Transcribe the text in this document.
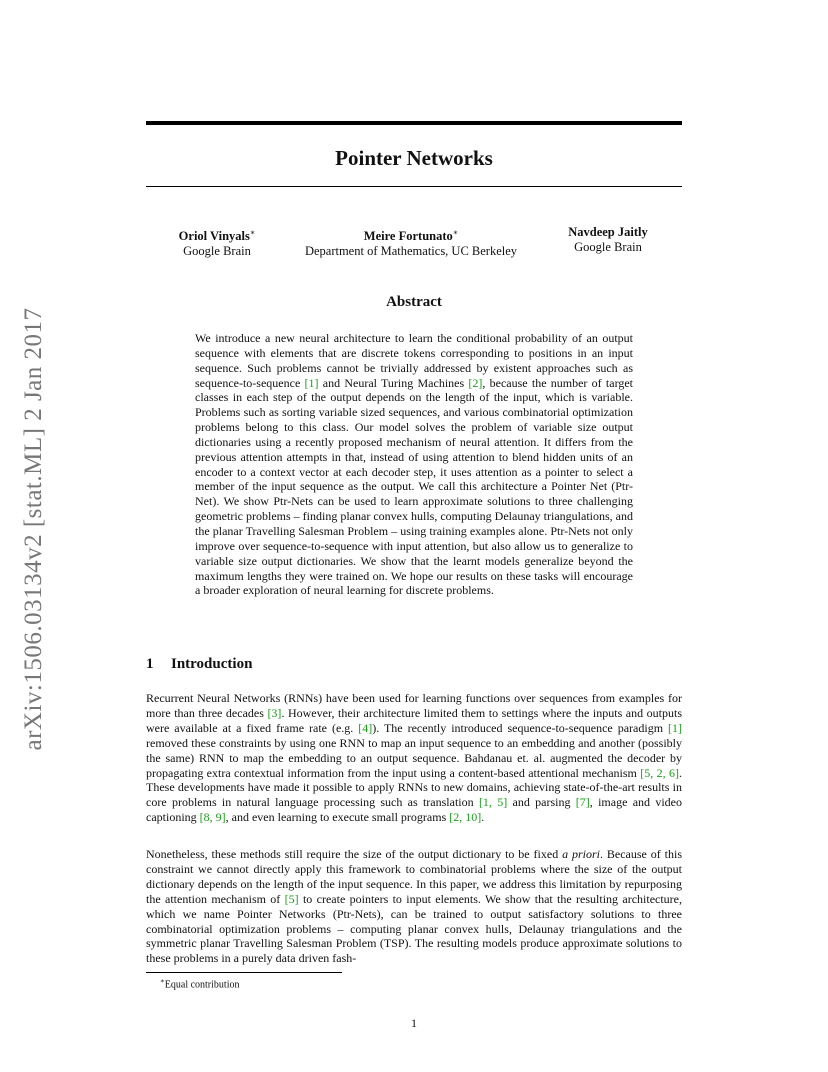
arXiv:1506.03134v2 [stat.ML] 2 Jan 2017
Pointer Networks
Oriol Vinyals∗
Google Brain
Meire Fortunato∗
Department of Mathematics, UC Berkeley
Navdeep Jaitly
Google Brain
Abstract
We introduce a new neural architecture to learn the conditional probability of an output sequence with elements that are discrete tokens corresponding to positions in an input sequence. Such problems cannot be trivially addressed by existent approaches such as sequence-to-sequence [1] and Neural Turing Machines [2], because the number of target classes in each step of the output depends on the length of the input, which is variable. Problems such as sorting variable sized sequences, and various combinatorial optimization problems belong to this class. Our model solves the problem of variable size output dictionaries using a recently proposed mechanism of neural attention. It differs from the previous attention attempts in that, instead of using attention to blend hidden units of an encoder to a context vector at each decoder step, it uses attention as a pointer to select a member of the input sequence as the output. We call this architecture a Pointer Net (Ptr-Net). We show Ptr-Nets can be used to learn approximate solutions to three challenging geometric problems – finding planar convex hulls, computing Delaunay triangulations, and the planar Travelling Salesman Problem – using training examples alone. Ptr-Nets not only improve over sequence-to-sequence with input attention, but also allow us to generalize to variable size output dictionaries. We show that the learnt models generalize beyond the maximum lengths they were trained on. We hope our results on these tasks will encourage a broader exploration of neural learning for discrete problems.
1 Introduction
Recurrent Neural Networks (RNNs) have been used for learning functions over sequences from examples for more than three decades [3]. However, their architecture limited them to settings where the inputs and outputs were available at a fixed frame rate (e.g. [4]). The recently introduced sequence-to-sequence paradigm [1] removed these constraints by using one RNN to map an input sequence to an embedding and another (possibly the same) RNN to map the embedding to an output sequence. Bahdanau et. al. augmented the decoder by propagating extra contextual information from the input using a content-based attentional mechanism [5, 2, 6]. These developments have made it possible to apply RNNs to new domains, achieving state-of-the-art results in core problems in natural language processing such as translation [1, 5] and parsing [7], image and video captioning [8, 9], and even learning to execute small programs [2, 10].
Nonetheless, these methods still require the size of the output dictionary to be fixed a priori. Because of this constraint we cannot directly apply this framework to combinatorial problems where the size of the output dictionary depends on the length of the input sequence. In this paper, we address this limitation by repurposing the attention mechanism of [5] to create pointers to input elements. We show that the resulting architecture, which we name Pointer Networks (Ptr-Nets), can be trained to output satisfactory solutions to three combinatorial optimization problems – computing planar convex hulls, Delaunay triangulations and the symmetric planar Travelling Salesman Problem (TSP). The resulting models produce approximate solutions to these problems in a purely data driven fash-
∗Equal contribution
1
